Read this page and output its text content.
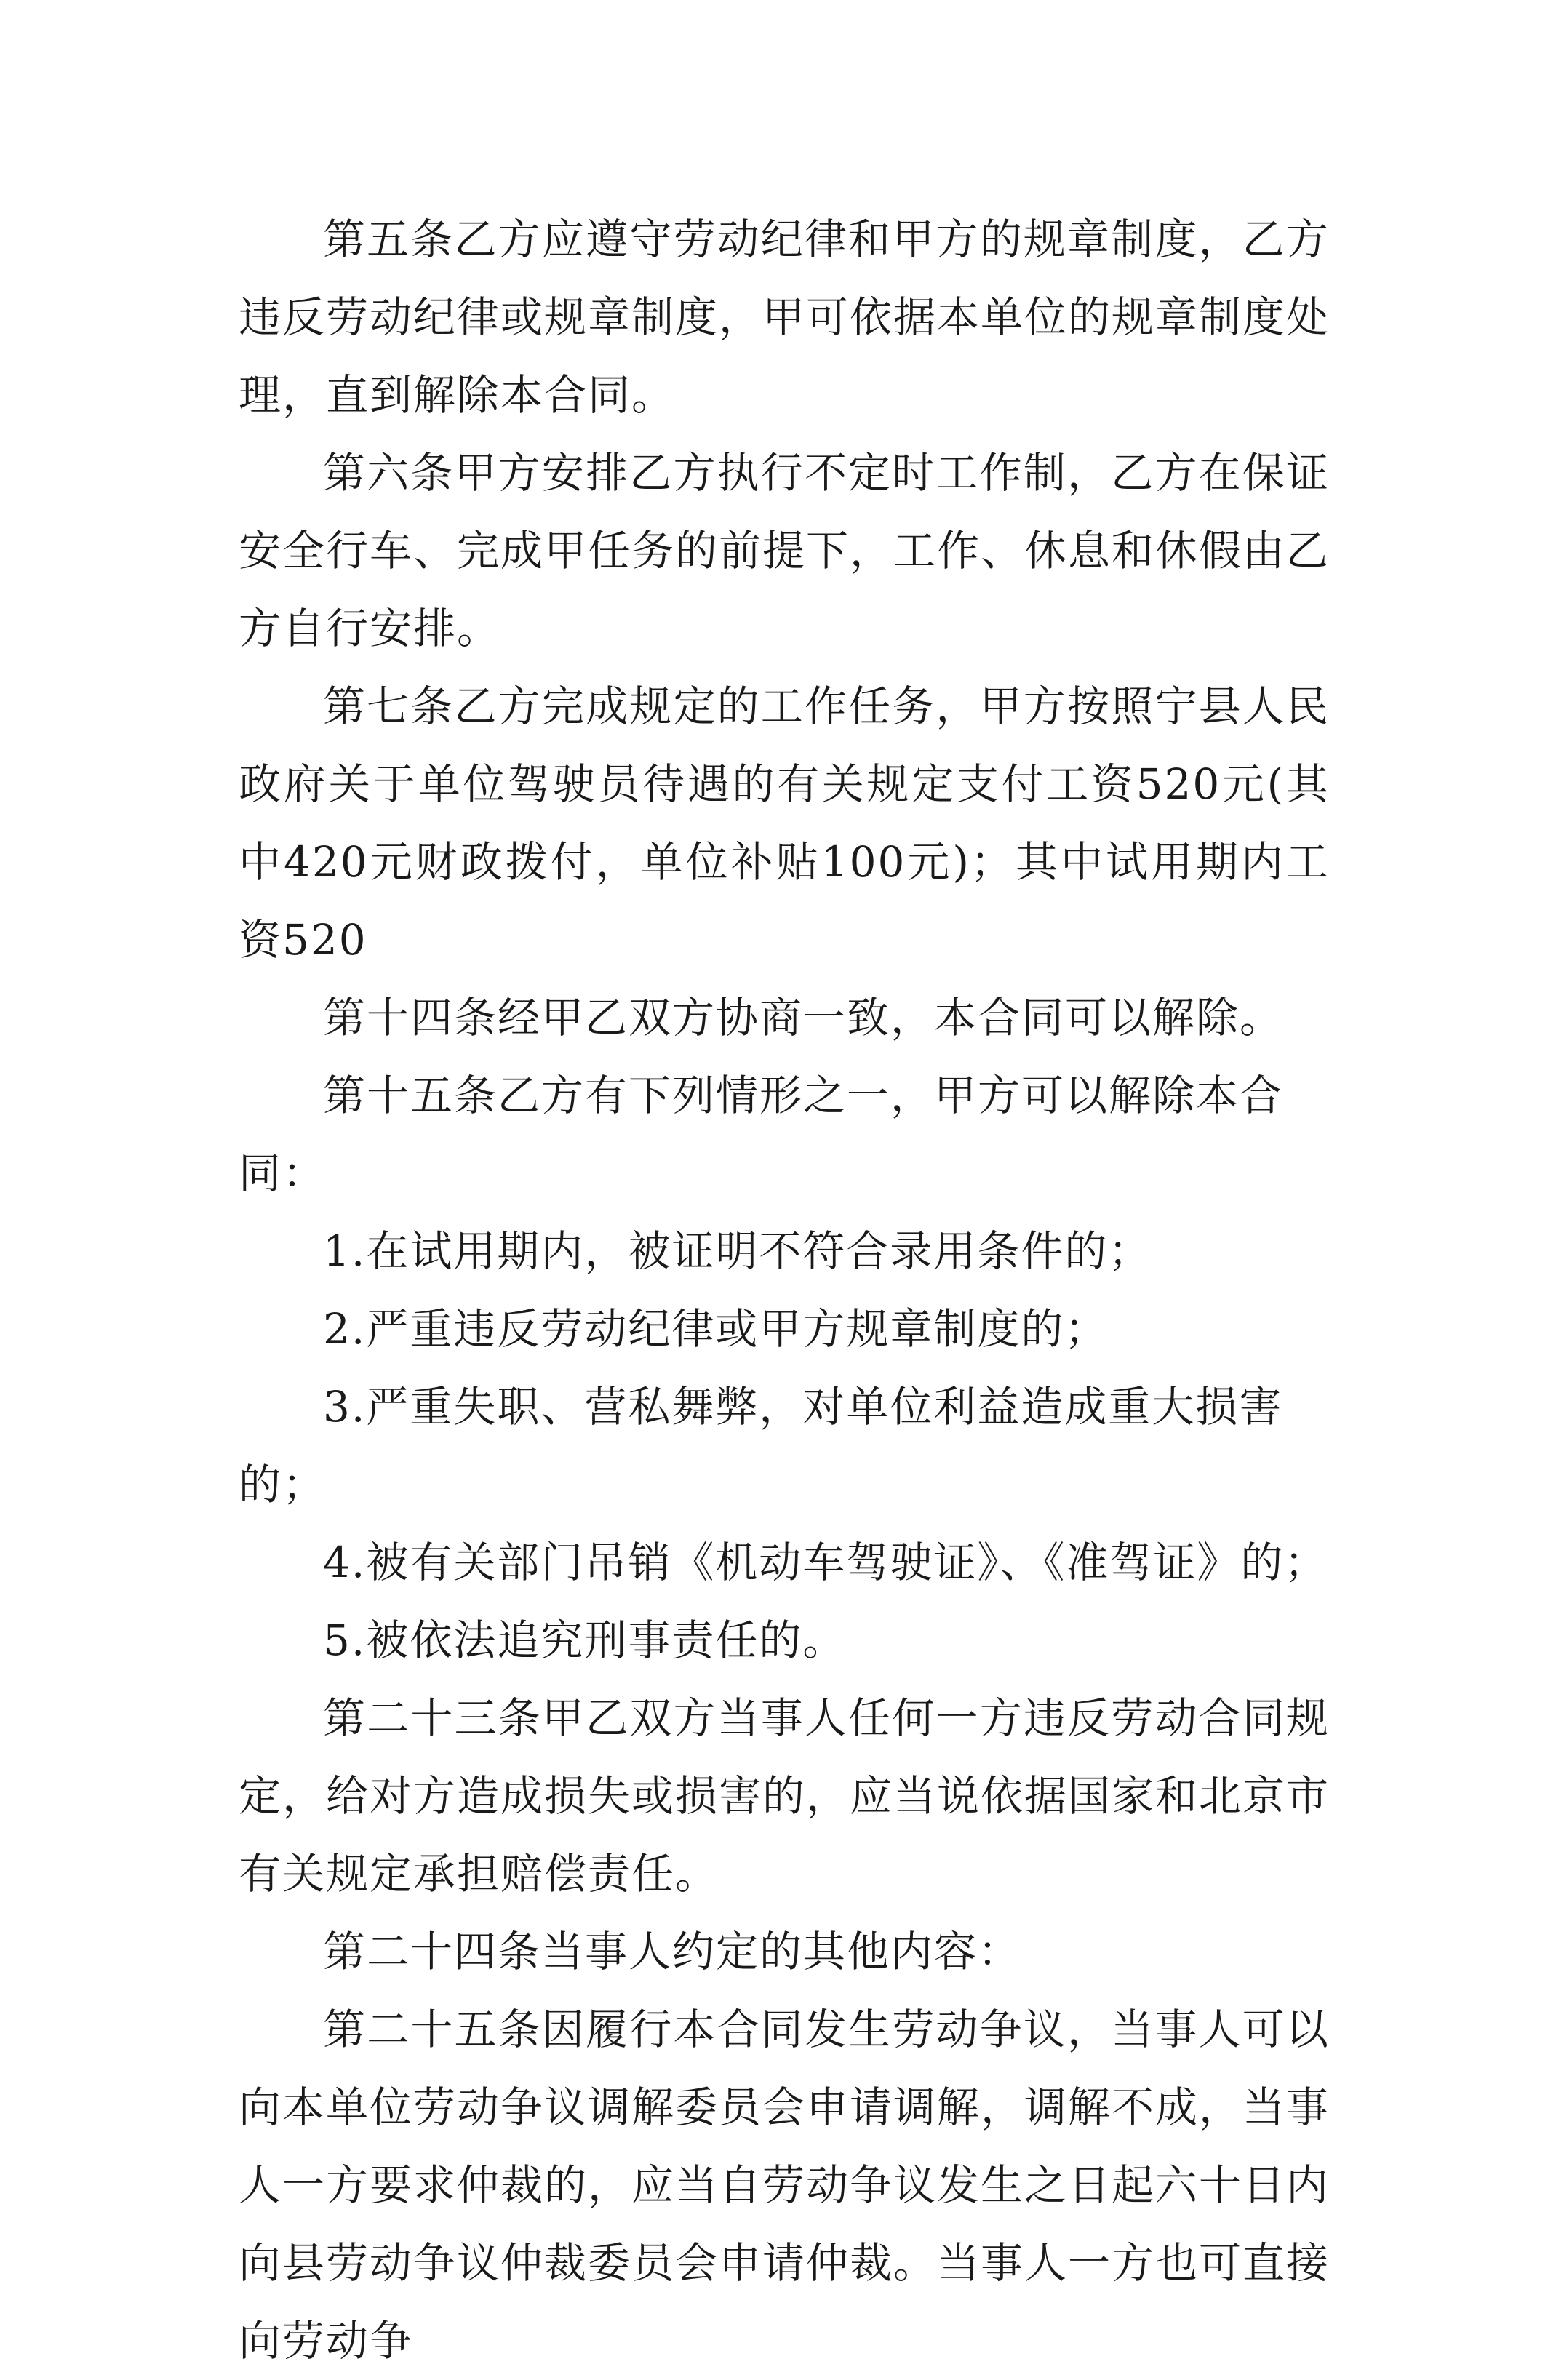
第五条乙方应遵守劳动纪律和甲方的规章制度，乙方违反劳动纪律或规章制度，甲可依据本单位的规章制度处理，直到解除本合同。

第六条甲方安排乙方执行不定时工作制，乙方在保证安全行车、完成甲任务的前提下，工作、休息和休假由乙方自行安排。

第七条乙方完成规定的工作任务，甲方按照宁县人民政府关于单位驾驶员待遇的有关规定支付工资520元(其中420元财政拨付，单位补贴100元)；其中试用期内工资520

第十四条经甲乙双方协商一致，本合同可以解除。

第十五条乙方有下列情形之一，甲方可以解除本合同：

1.在试用期内，被证明不符合录用条件的；

2.严重违反劳动纪律或甲方规章制度的；

3.严重失职、营私舞弊，对单位利益造成重大损害的；

4.被有关部门吊销《机动车驾驶证》、《准驾证》的；

5.被依法追究刑事责任的。

第二十三条甲乙双方当事人任何一方违反劳动合同规定，给对方造成损失或损害的，应当说依据国家和北京市有关规定承担赔偿责任。

第二十四条当事人约定的其他内容：

第二十五条因履行本合同发生劳动争议，当事人可以向本单位劳动争议调解委员会申请调解，调解不成，当事人一方要求仲裁的，应当自劳动争议发生之日起六十日内向县劳动争议仲裁委员会申请仲裁。当事人一方也可直接向劳动争
